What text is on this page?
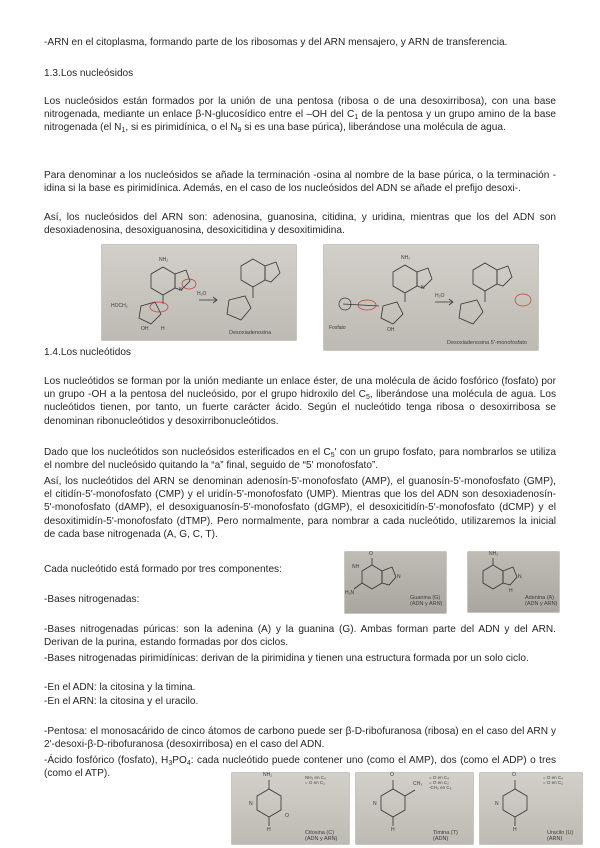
-ARN en el citoplasma, formando parte de los ribosomas y del ARN mensajero, y ARN de transferencia.

1.3.Los nucleósidos

Los nucleósidos están formados por la unión de una pentosa (ribosa o de una desoxirribosa), con una base nitrogenada, mediante un enlace β-N-glucosídico entre el –OH del $C_1$ de la pentosa y un grupo amino de la base nitrogenada (el $N_1$, si es pirimidínica, o el $N_9$ si es una base púrica), liberándose una molécula de agua.

Para denominar a los nucleósidos se añade la terminación -osina al nombre de la base púrica, o la terminación -idina si la base es pirimidínica. Además, en el caso de los nucleósidos del ADN se añade el prefijo desoxi-.

Así, los nucleósidos del ARN son: adenosina, guanosina, citidina, y uridina, mientras que los del ADN son desoxiadenosina, desoxiguanosina, desoxicitidina y desoxitimidina.

NH₂
N
HOCH₂
H₂O
OH	H
Desoxiadenosina
NH₂
N
OH
H₂O
Fosfato
Desoxiadenosina 5'-monofosfato

1.4.Los nucleótidos

Los nucleótidos se forman por la unión mediante un enlace éster, de una molécula de ácido fosfórico (fosfato) por un grupo -OH a la pentosa del nucleósido, por el grupo hidroxilo del $C_5$, liberándose una molécula de agua. Los nucleótidos tienen, por tanto, un fuerte carácter ácido. Según el nucleótido tenga ribosa o desoxirribosa se denominan ribonucleótidos y desoxirribonucleótidos.

Dado que los nucleótidos son nucleósidos esterificados en el $C_5'$ con un grupo fosfato, para nombrarlos se utiliza el nombre del nucleósido quitando la “a” final, seguido de “5' monofosfato”.

Así, los nucleótidos del ARN se denominan adenosín-5'-monofosfato (AMP), el guanosín-5'-monofosfato (GMP), el citidín-5'-monofosfato (CMP) y el uridín-5'-monofosfato (UMP). Mientras que los del ADN son desoxiadenosín-5'-monofosfato (dAMP), el desoxiguanosín-5'-monofosfato (dGMP), el desoxicitidín-5'-monofosfato (dCMP) y el desoxitimidín-5'-monofosfato (dTMP). Pero normalmente, para nombrar a cada nucleótido, utilizaremos la inicial de cada base nitrogenada (A, G, C, T).

Cada nucleótido está formado por tres componentes:

-Bases nitrogenadas:

O
N
NH
H₂N
Guanina (G) (ADN y ARN)
NH₂
N
H
Adenina (A) (ADN y ARN)

-Bases nitrogenadas púricas: son la adenina (A) y la guanina (G). Ambas forman parte del ADN y del ARN. Derivan de la purina, estando formadas por dos ciclos.

-Bases nitrogenadas pirimidínicas: derivan de la pirimidina y tienen una estructura formada por un solo ciclo.

-En el ADN: la citosina y la timina.

-En el ARN: la citosina y el uracilo.

-Pentosa: el monosacárido de cinco átomos de carbono puede ser β-D-ribofuranosa (ribosa) en el caso del ARN y 2'-desoxi-β-D-ribofuranosa (desoxirribosa) en el caso del ADN.

-Ácido fosfórico (fosfato), $H_3PO_4$: cada nucleótido puede contener uno (como el AMP), dos (como el ADP) o tres (como el ATP).	NH₂
N
H
O
NH₂ en C₄
= O en C₂
Citosina (C)
(ADN y ARN)
O
CH₃
N
H
= O en C₄
= O en C₂
-CH₃ en C₅
Timina (T)
(ADN)
O
N
H
= O en C₄
= O en C₂
Uracilo (U)
(ARN)
